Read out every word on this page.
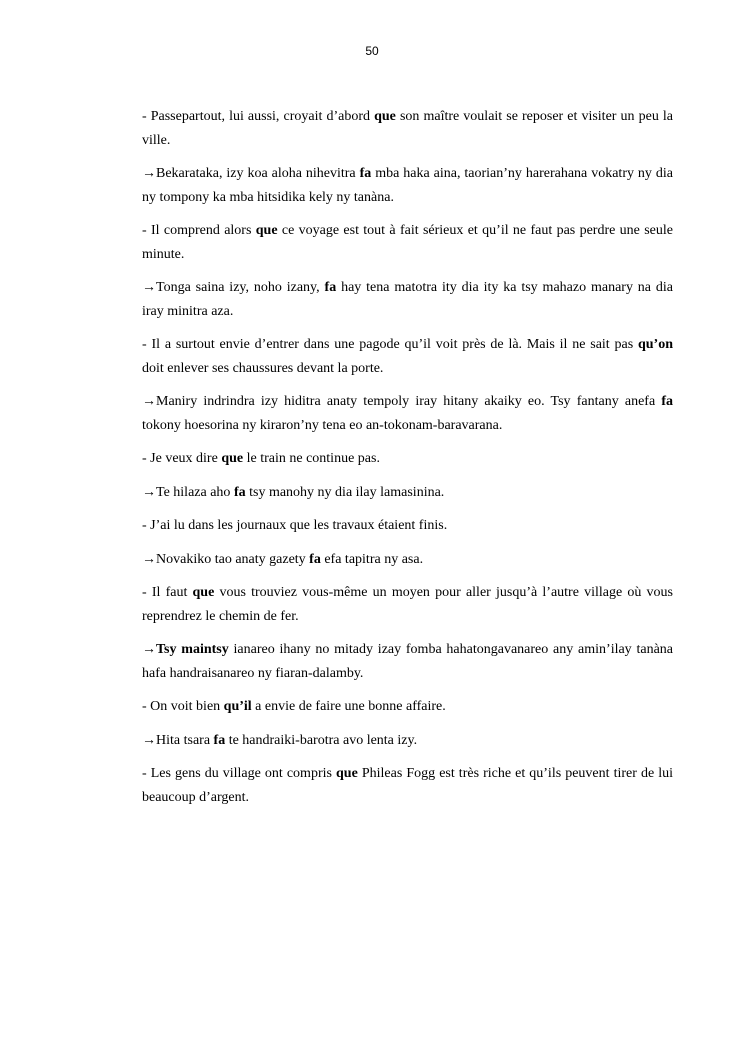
50

- Passepartout, lui aussi, croyait d’abord que son maître voulait se reposer et visiter un peu la ville.

→Bekarataka, izy koa aloha nihevitra fa mba haka aina, taorian’ny harerahana vokatry ny dia ny tompony ka mba hitsidika kely ny tanàna.

- Il comprend alors que ce voyage est tout à fait sérieux et qu’il ne faut pas perdre une seule minute.

→Tonga saina izy, noho izany, fa hay tena matotra ity dia ity ka tsy mahazo manary na dia iray minitra aza.

- Il a surtout envie d’entrer dans une pagode qu’il voit près de là. Mais il ne sait pas qu’on doit enlever ses chaussures devant la porte.

→Maniry indrindra izy hiditra anaty tempoly iray hitany akaiky eo. Tsy fantany anefa fa tokony hoesorina ny kiraron’ny tena eo an-tokonam-baravarana.

- Je veux dire que le train ne continue pas.

→Te hilaza aho fa tsy manohy ny dia ilay lamasinina.

- J’ai lu dans les journaux que les travaux étaient finis.

→Novakiko tao anaty gazety fa efa tapitra ny asa.

- Il faut que vous trouviez vous-même un moyen pour aller jusqu’à l’autre village où vous reprendrez le chemin de fer.

→Tsy maintsy ianareo ihany no mitady izay fomba hahatongavanareo any amin’ilay tanàna hafa handraisanareo ny fiaran-dalamby.

- On voit bien qu’il a envie de faire une bonne affaire.

→Hita tsara fa te handraiki-barotra avo lenta izy.

- Les gens du village ont compris que Phileas Fogg est très riche et qu’ils peuvent tirer de lui beaucoup d’argent.
